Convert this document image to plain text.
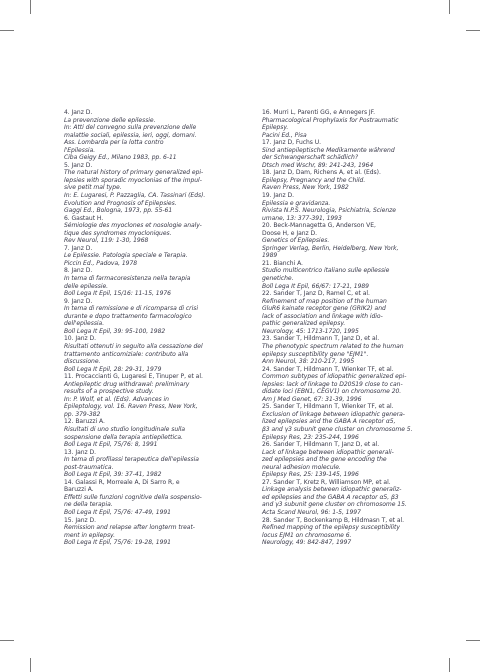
4. Janz D.
La prevenzione delle epilessie.
In: Atti del convegno sulla prevenzione delle
malattie sociali, epilessia, ieri, oggi, domani.
Ass. Lombarda per la lotta contro
l'Epilessia.
Ciba Geigy Ed., Milano 1983, pp. 6-11
5. Janz D.
The natural history of primary generalized epi-
lepsies with sporadic myoclonias of the impul-
sive petit mal type.
In: E. Lugaresi, P. Pazzaglia, CA. Tassinari (Eds).
Evolution and Prognosis of Epilepsies.
Gaggi Ed., Bologna, 1973, pp. 55-61
6. Gastaut H.
Sémiologie des myoclones et nosologie analy-
tique des syndromes myocloniques.
Rev Neurol, 119: 1-30, 1968
7. Janz D.
Le Epilessie. Patologia speciale e Terapia.
Piccin Ed., Padova, 1978
8. Janz D.
In tema di farmacoresistenza nella terapia
delle epilessie.
Boll Lega It Epil, 15/16: 11-15, 1976
9. Janz D.
In tema di remissione e di ricomparsa di crisi
durante e dopo trattamento farmacologico
dell'epilessia.
Boll Lega It Epil, 39: 95-100, 1982
10. Janz D.
Risultati ottenuti in seguito alla cessazione del
trattamento anticomiziale: contributo alla
discussione.
Boll Lega It Epil, 28: 29-31, 1979
11. Procaccianti G, Lugaresi E, Tinuper P, et al.
Antiepileptic drug withdrawal: preliminary
results of a prospective study.
In: P. Wolf, et al. (Eds). Advances in
Epileptology, vol. 16. Raven Press, New York,
pp. 379-382
12. Baruzzi A.
Risultati di uno studio longitudinale sulla
sospensione della terapia antiepilettica.
Boll Lega It Epil, 75/76: 8, 1991
13. Janz D.
In tema di profilassi terapeutica dell'epilessia
post-traumatica.
Boll Lega It Epil, 39: 37-41, 1982
14. Galassi R, Morreale A, Di Sarro R, e
Baruzzi A.
Effetti sulle funzioni cognitive della sospensio-
ne della terapia.
Boll Lega It Epil, 75/76: 47-49, 1991
15. Janz D.
Remission and relapse after longterm treat-
ment in epilepsy.
Boll Lega It Epil, 75/76: 19-28, 1991
16. Murri L, Parenti GG, e Annegers JF.
Pharmacological Prophylaxis for Postraumatic
Epilepsy.
Pacini Ed., Pisa
17. Janz D, Fuchs U.
Sind antiepileptische Medikamente während
der Schwangerschaft schädlich?
Dtsch med Wschr, 89: 241-243, 1964
18. Janz D, Dam, Richens A, et al. (Eds).
Epilepsy, Pregnancy and the Child.
Raven Press, New York, 1982
19. Janz D.
Epilessia e gravidanza.
Rivista N.P.S. Neurologia, Psichiatria, Scienze
umane, 13: 377-391, 1993
20. Beck-Mannagetta G, Anderson VE,
Doose H, e Janz D.
Genetics of Epilepsies.
Springer Verlag, Berlin, Heidelberg, New York,
1989
21. Bianchi A.
Studio multicentrico italiano sulle epilessie
genetiche.
Boll Lega It Epil, 66/67: 17-21, 1989
22. Sander T, Janz D, Ramel C, et al.
Refinement of map position of the human
GluR6 kainate receptor gene (GRIK2) and
lack of association and linkage with idio-
pathic generalized epilepsy.
Neurology, 45: 1713-1720, 1995
23. Sander T, Hildmann T, Janz D, et al.
The phenotypic spectrum related to the human
epilepsy susceptibility gene "EJM1".
Ann Neurol, 38: 210-217, 1995
24. Sander T, Hildmann T, Wienker TF, et al.
Common subtypes of idiopathic generalized epi-
lepsies: lack of linkage to D20S19 close to can-
didate loci (EBN1, CEGV1) on chromosome 20.
Am J Med Genet, 67: 31-39, 1996
25. Sander T, Hildmann T, Wienker TF, et al.
Exclusion of linkage between idiopathic genera-
lized epilepsies and the GABA A receptor α5,
β3 and γ3 subunit gene cluster on chromosome 5.
Epilepsy Res, 23: 235-244, 1996
26. Sander T, Hildmann T, Janz D, et al.
Lack of linkage between idiopathic generali-
zed epilepsies and the gene encoding the
neural adhesion molecule.
Epilepsy Res, 25: 139-145, 1996
27. Sander T, Kretz R, Williamson MP, et al.
Linkage analysis between idiopathic generaliz-
ed epilepsies and the GABA A receptor α5, β3
and γ3 subunit gene cluster on chromosome 15.
Acta Scand Neurol, 96: 1-5, 1997
28. Sander T, Bockenkamp B, Hildmasn T, et al.
Refined mapping of the epilepsy susceptibility
locus EJM1 on chromosome 6.
Neurology, 49: 842-847, 1997
